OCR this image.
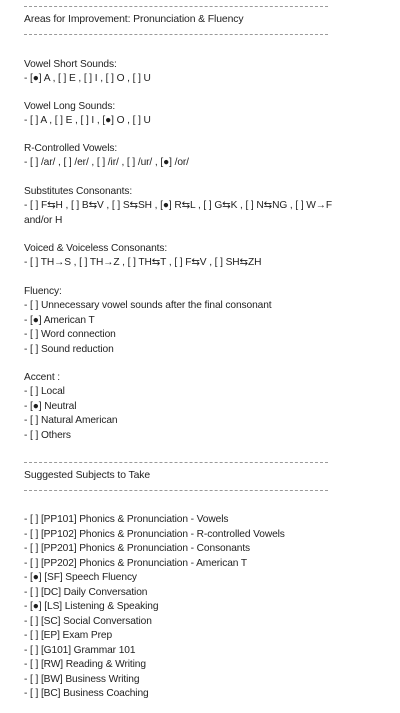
Areas for Improvement: Pronunciation & Fluency
Vowel Short Sounds:
- [●] A , [ ] E , [ ] I , [ ] O , [ ] U
Vowel Long Sounds:
- [ ] A , [ ] E , [ ] I , [●] O , [ ] U
R-Controlled Vowels:
- [ ] /ar/ , [ ] /er/ , [ ] /ir/ , [ ] /ur/ , [●] /or/
Substitutes Consonants:
- [ ] F⇆H , [ ] B⇆V , [ ] S⇆SH , [●] R⇆L , [ ] G⇆K , [ ] N⇆NG , [ ] W→F and/or H
Voiced & Voiceless Consonants:
- [ ] TH→S , [ ] TH→Z , [ ] TH⇆T , [ ] F⇆V , [ ] SH⇆ZH
Fluency:
- [ ] Unnecessary vowel sounds after the final consonant
- [●] American T
- [ ] Word connection
- [ ] Sound reduction
Accent :
- [ ] Local
- [●] Neutral
- [ ] Natural American
- [ ] Others
Suggested Subjects to Take
- [ ] [PP101] Phonics & Pronunciation - Vowels
- [ ] [PP102] Phonics & Pronunciation - R-controlled Vowels
- [ ] [PP201] Phonics & Pronunciation - Consonants
- [ ] [PP202] Phonics & Pronunciation - American T
- [●] [SF] Speech Fluency
- [ ] [DC] Daily Conversation
- [●] [LS] Listening & Speaking
- [ ] [SC] Social Conversation
- [ ] [EP] Exam Prep
- [ ] [G101] Grammar 101
- [ ] [RW] Reading & Writing
- [ ] [BW] Business Writing
- [ ] [BC] Business Coaching
